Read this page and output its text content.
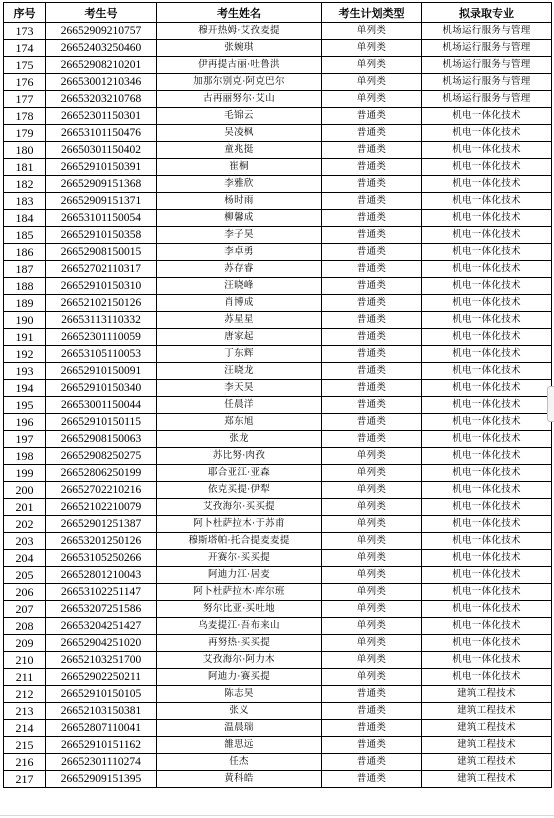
序号	考生号	考生姓名	考生计划类型	拟录取专业
173	26652909210757	穆开热姆·艾孜麦提	单列类	机场运行服务与管理
174	26652403250460	张婉琪	单列类	机场运行服务与管理
175	26652908210201	伊再提古丽·吐鲁洪	单列类	机场运行服务与管理
176	26653001210346	加那尔别克·阿克巴尔	单列类	机场运行服务与管理
177	26653203210768	古再丽努尔·艾山	单列类	机场运行服务与管理
178	26652301150301	毛锦云	普通类	机电一体化技术
179	26653101150476	吴凌枫	普通类	机电一体化技术
180	26650301150402	童兆挺	普通类	机电一体化技术
181	26652910150391	崔桐	普通类	机电一体化技术
182	26652909151368	李雅欣	普通类	机电一体化技术
183	26652909151371	杨时雨	普通类	机电一体化技术
184	26653101150054	柳馨成	普通类	机电一体化技术
185	26652910150358	李子昊	普通类	机电一体化技术
186	26652908150015	李卓勇	普通类	机电一体化技术
187	26652702110317	苏存睿	普通类	机电一体化技术
188	26652910150310	汪晓峰	普通类	机电一体化技术
189	26652102150126	肖博成	普通类	机电一体化技术
190	26653113110332	苏星星	普通类	机电一体化技术
191	26652301110059	唐家起	普通类	机电一体化技术
192	26653105110053	丁东辉	普通类	机电一体化技术
193	26652910150091	汪晓龙	普通类	机电一体化技术
194	26652910150340	李天昊	普通类	机电一体化技术
195	26653001150044	任晨洋	普通类	机电一体化技术
196	26652910150115	郑东旭	普通类	机电一体化技术
197	26652908150063	张龙	普通类	机电一体化技术
198	26652908250275	苏比努·肉孜	单列类	机电一体化技术
199	26652806250199	耶合亚江·亚森	单列类	机电一体化技术
200	26652702210216	依克买提·伊犁	单列类	机电一体化技术
201	26652102210079	艾孜海尔·买买提	单列类	机电一体化技术
202	26652901251387	阿卜杜萨拉木·于苏甫	单列类	机电一体化技术
203	26653201250126	穆斯塔帕·托合提麦麦提	单列类	机电一体化技术
204	26653105250266	开赛尔·买买提	单列类	机电一体化技术
205	26652801210043	阿迪力江·居麦	单列类	机电一体化技术
206	26653102251147	阿卜杜萨拉木·库尔班	单列类	机电一体化技术
207	26653207251586	努尔比亚·买吐地	单列类	机电一体化技术
208	26653204251427	乌麦提江·吾布来山	单列类	机电一体化技术
209	26652904251020	再努热·买买提	单列类	机电一体化技术
210	26652103251700	艾孜海尔·阿力木	单列类	机电一体化技术
211	26652902250211	阿迪力·赛买提	单列类	机电一体化技术
212	26652910150105	陈志昊	普通类	建筑工程技术
213	26652103150381	张义	普通类	建筑工程技术
214	26652807110041	温晨瑞	普通类	建筑工程技术
215	26652910151162	雒思远	普通类	建筑工程技术
216	26652301110274	任杰	普通类	建筑工程技术
217	26652909151395	黄科皓	普通类	建筑工程技术
